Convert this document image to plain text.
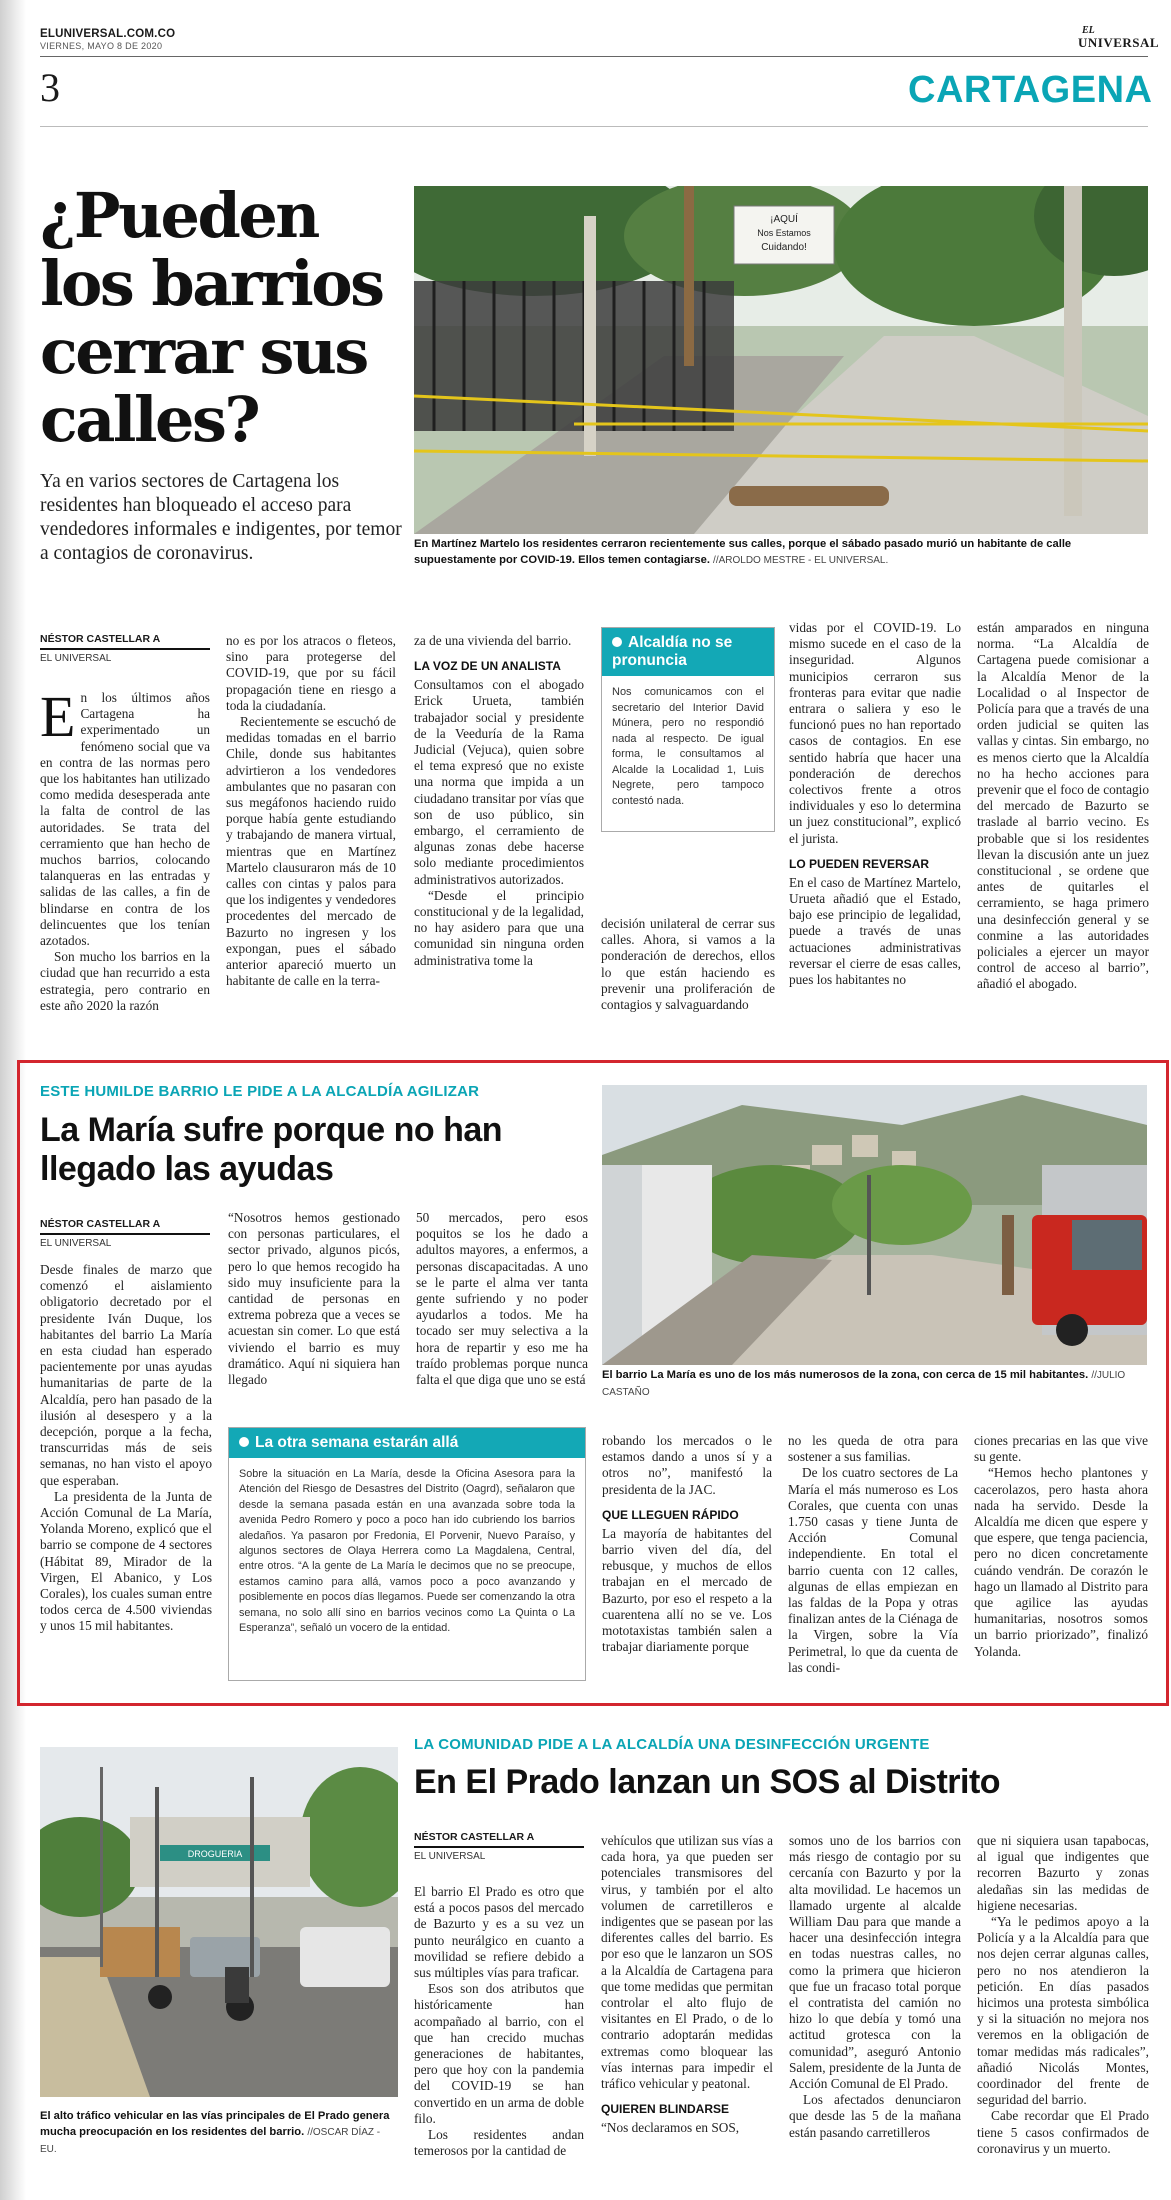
ELUNIVERSAL.COM.CO
VIERNES, MAYO 8 DE 2020
EL
UNIVERSAL
3	CARTAGENA
¿Pueden los barrios cerrar sus calles?
Ya en varios sectores de Cartagena los residentes han bloqueado el acceso para vendedores informales e indigentes, por temor a contagios de coronavirus.
¡AQUÍ
Nos Estamos
Cuidando!
En Martínez Martelo los residentes cerraron recientemente sus calles, porque el sábado pasado murió un habitante de calle supuestamente por COVID-19. Ellos temen contagiarse. //AROLDO MESTRE - EL UNIVERSAL.
NÉSTOR CASTELLAR A
EL UNIVERSAL

En los últimos años Cartagena ha experimentado un fenómeno social que va en contra de las normas pero que los habitantes han utilizado como medida desesperada ante la falta de control de las autoridades. Se trata del cerramiento que han hecho de muchos barrios, colocando talanqueras en las entradas y salidas de las calles, a fin de blindarse en contra de los delincuentes que los tenían azotados.

Son mucho los barrios en la ciudad que han recurrido a esta estrategia, pero contrario en este año 2020 la razón

no es por los atracos o fleteos, sino para protegerse del COVID-19, que por su fácil propagación tiene en riesgo a toda la ciudadanía.

Recientemente se escuchó de medidas tomadas en el barrio Chile, donde sus habitantes advirtieron a los vendedores ambulantes que no pasaran con sus megáfonos haciendo ruido porque había gente estudiando y trabajando de manera virtual, mientras que en Martínez Martelo clausuraron más de 10 calles con cintas y palos para que los indigentes y vendedores procedentes del mercado de Bazurto no ingresen y los expongan, pues el sábado anterior apareció muerto un habitante de calle en la terra-

za de una vivienda del barrio.

LA VOZ DE UN ANALISTA

Consultamos con el abogado Erick Urueta, también trabajador social y presidente de la Veeduría de la Rama Judicial (Vejuca), quien sobre el tema expresó que no existe una norma que impida a un ciudadano transitar por vías que son de uso público, sin embargo, el cerramiento de algunas zonas debe hacerse solo mediante procedimientos administrativos autorizados.

“Desde el principio constitucional y de la legalidad, no hay asidero para que una comunidad sin ninguna orden administrativa tome la

Alcaldía no se pronuncia
Nos comunicamos con el secretario del Interior David Múnera, pero no respondió nada al respecto. De igual forma, le consultamos al Alcalde la Localidad 1, Luis Negrete, pero tampoco contestó nada.

decisión unilateral de cerrar sus calles. Ahora, si vamos a la ponderación de derechos, ellos lo que están haciendo es prevenir una proliferación de contagios y salvaguardando

vidas por el COVID-19. Lo mismo sucede en el caso de la inseguridad. Algunos municipios cerraron sus fronteras para evitar que nadie entrara o saliera y eso le funcionó pues no han reportado casos de contagios. En ese sentido habría que hacer una ponderación de derechos colectivos frente a otros individuales y eso lo determina un juez constitucional”, explicó el jurista.

LO PUEDEN REVERSAR

En el caso de Martínez Martelo, Urueta añadió que el Estado, bajo ese principio de legalidad, puede a través de unas actuaciones administrativas reversar el cierre de esas calles, pues los habitantes no

están amparados en ninguna norma. “La Alcaldía de Cartagena puede comisionar a la Alcaldía Menor de la Localidad o al Inspector de Policía para que a través de una orden judicial se quiten las vallas y cintas. Sin embargo, no es menos cierto que la Alcaldía no ha hecho acciones para prevenir que el foco de contagio del mercado de Bazurto se traslade al barrio vecino. Es probable que si los residentes llevan la discusión ante un juez constitucional , se ordene que antes de quitarles el cerramiento, se haga primero una desinfección general y se conmine a las autoridades policiales a ejercer un mayor control de acceso al barrio”, añadió el abogado.

ESTE HUMILDE BARRIO LE PIDE A LA ALCALDÍA AGILIZAR
La María sufre porque no han llegado las ayudas
El barrio La María es uno de los más numerosos de la zona, con cerca de 15 mil habitantes. //JULIO CASTAÑO
NÉSTOR CASTELLAR A
EL UNIVERSAL

Desde finales de marzo que comenzó el aislamiento obligatorio decretado por el presidente Iván Duque, los habitantes del barrio La María en esta ciudad han esperado pacientemente por unas ayudas humanitarias de parte de la Alcaldía, pero han pasado de la ilusión al desespero y a la decepción, porque a la fecha, transcurridas más de seis semanas, no han visto el apoyo que esperaban.

La presidenta de la Junta de Acción Comunal de La María, Yolanda Moreno, explicó que el barrio se compone de 4 sectores (Hábitat 89, Mirador de la Virgen, El Abanico, y Los Corales), los cuales suman entre todos cerca de 4.500 viviendas y unos 15 mil habitantes.

“Nosotros hemos gestionado con personas particulares, el sector privado, algunos picós, pero lo que hemos recogido ha sido muy insuficiente para la cantidad de personas en extrema pobreza que a veces se acuestan sin comer. Lo que está viviendo el barrio es muy dramático. Aquí ni siquiera han llegado

50 mercados, pero esos poquitos se los he dado a adultos mayores, a enfermos, a personas discapacitadas. A uno se le parte el alma ver tanta gente sufriendo y no poder ayudarlos a todos. Me ha tocado ser muy selectiva a la hora de repartir y eso me ha traído problemas porque nunca falta el que diga que uno se está

La otra semana estarán allá
Sobre la situación en La María, desde la Oficina Asesora para la Atención del Riesgo de Desastres del Distrito (Oagrd), señalaron que desde la semana pasada están en una avanzada sobre toda la avenida Pedro Romero y poco a poco han ido cubriendo los barrios aledaños. Ya pasaron por Fredonia, El Porvenir, Nuevo Paraíso, y algunos sectores de Olaya Herrera como La Magdalena, Central, entre otros. “A la gente de La María le decimos que no se preocupe, estamos camino para allá, vamos poco a poco avanzando y posiblemente en pocos días llegamos. Puede ser comenzando la otra semana, no solo allí sino en barrios vecinos como La Quinta o La Esperanza”, señaló un vocero de la entidad.

robando los mercados o le estamos dando a unos sí y a otros no”, manifestó la presidenta de la JAC.

QUE LLEGUEN RÁPIDO

La mayoría de habitantes del barrio viven del día, del rebusque, y muchos de ellos trabajan en el mercado de Bazurto, por eso el respeto a la cuarentena allí no se ve. Los mototaxistas también salen a trabajar diariamente porque

no les queda de otra para sostener a sus familias.

De los cuatro sectores de La María el más numeroso es Los Corales, que cuenta con unas 1.750 casas y tiene Junta de Acción Comunal independiente. En total el barrio cuenta con 12 calles, algunas de ellas empiezan en las faldas de la Popa y otras finalizan antes de la Ciénaga de la Virgen, sobre la Vía Perimetral, lo que da cuenta de las condi-

ciones precarias en las que vive su gente.

“Hemos hecho plantones y cacerolazos, pero hasta ahora nada ha servido. Desde la Alcaldía me dicen que espere y que espere, que tenga paciencia, pero no dicen concretamente cuándo vendrán. De corazón le hago un llamado al Distrito para que agilice las ayudas humanitarias, nosotros somos un barrio priorizado”, finalizó Yolanda.

DROGUERIA
El alto tráfico vehicular en las vías principales de El Prado genera mucha preocupación en los residentes del barrio. //OSCAR DÍAZ - EU.
LA COMUNIDAD PIDE A LA ALCALDÍA UNA DESINFECCIÓN URGENTE
En El Prado lanzan un SOS al Distrito
NÉSTOR CASTELLAR A
EL UNIVERSAL

El barrio El Prado es otro que está a pocos pasos del mercado de Bazurto y es a su vez un punto neurálgico en cuanto a movilidad se refiere debido a sus múltiples vías para traficar.

Esos son dos atributos que históricamente han acompañado al barrio, con el que han crecido muchas generaciones de habitantes, pero que hoy con la pandemia del COVID-19 se han convertido en un arma de doble filo.

Los residentes andan temerosos por la cantidad de

vehículos que utilizan sus vías a cada hora, ya que pueden ser potenciales transmisores del virus, y también por el alto volumen de carretilleros e indigentes que se pasean por las diferentes calles del barrio. Es por eso que le lanzaron un SOS a la Alcaldía de Cartagena para que tome medidas que permitan controlar el alto flujo de visitantes en El Prado, o de lo contrario adoptarán medidas extremas como bloquear las vías internas para impedir el tráfico vehicular y peatonal.

QUIEREN BLINDARSE

“Nos declaramos en SOS,

somos uno de los barrios con más riesgo de contagio por su cercanía con Bazurto y por la alta movilidad. Le hacemos un llamado urgente al alcalde William Dau para que mande a hacer una desinfección integra en todas nuestras calles, no como la primera que hicieron que fue un fracaso total porque el contratista del camión no hizo lo que debía y tomó una actitud grotesca con la comunidad”, aseguró Antonio Salem, presidente de la Junta de Acción Comunal de El Prado.

Los afectados denunciaron que desde las 5 de la mañana están pasando carretilleros

que ni siquiera usan tapabocas, al igual que indigentes que recorren Bazurto y zonas aledañas sin las medidas de higiene necesarias.

“Ya le pedimos apoyo a la Policía y a la Alcaldía para que nos dejen cerrar algunas calles, pero no nos atendieron la petición. En días pasados hicimos una protesta simbólica y si la situación no mejora nos veremos en la obligación de tomar medidas más radicales”, añadió Nicolás Montes, coordinador del frente de seguridad del barrio.

Cabe recordar que El Prado tiene 5 casos confirmados de coronavirus y un muerto.
